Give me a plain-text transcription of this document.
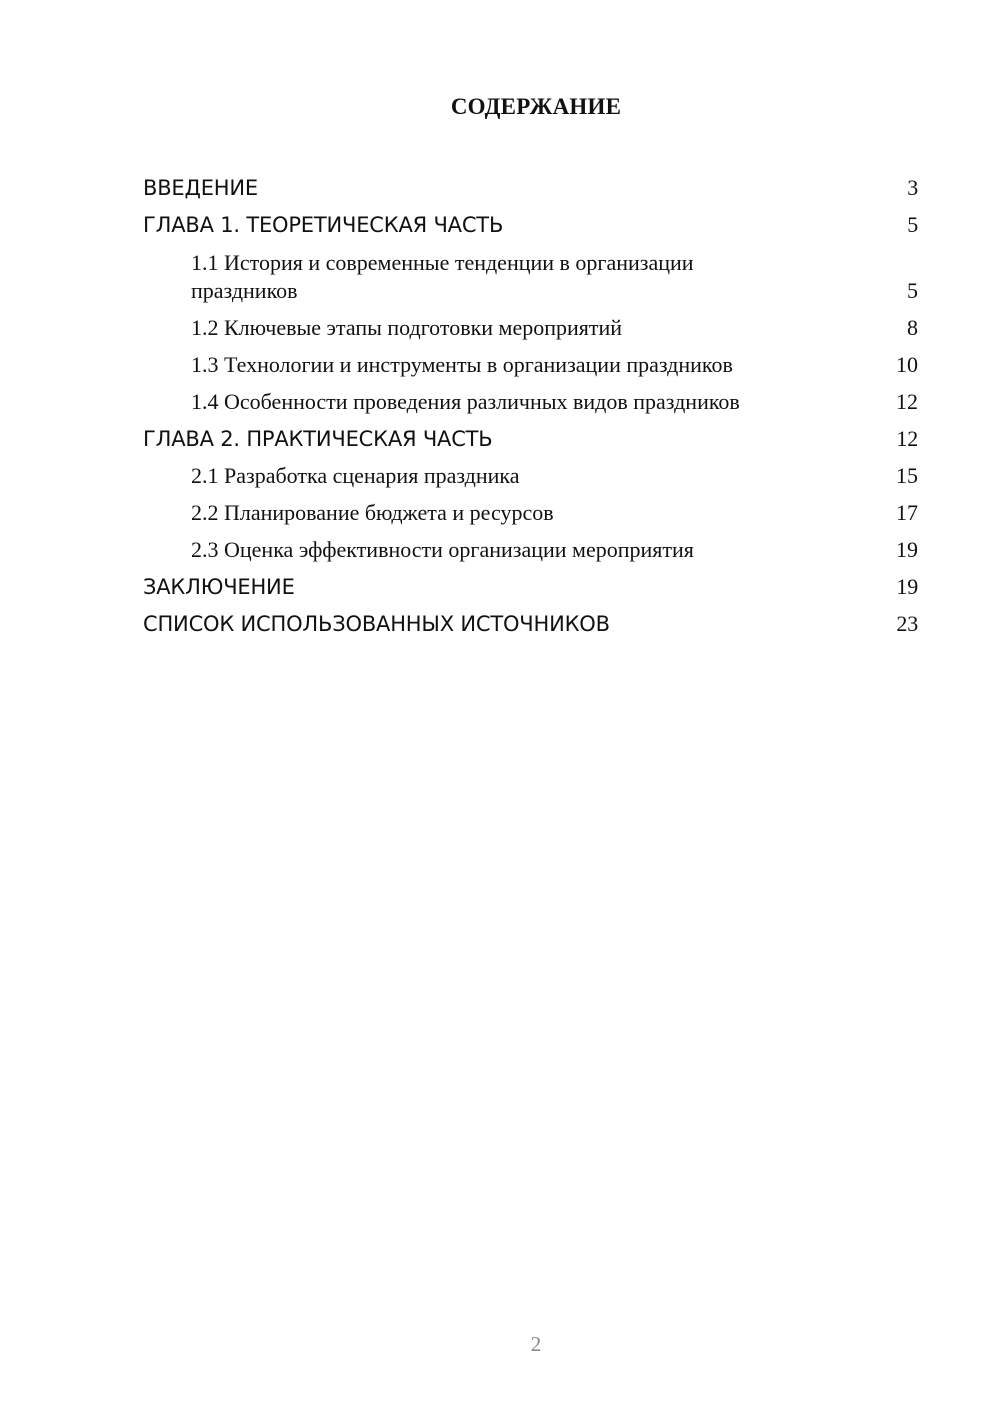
СОДЕРЖАНИЕ
ВВЕДЕНИЕ	3
ГЛАВА 1. ТЕОРЕТИЧЕСКАЯ ЧАСТЬ	5
1.1 История и современные тенденции в организации праздников	5
1.2 Ключевые этапы подготовки мероприятий	8
1.3 Технологии и инструменты в организации праздников	10
1.4 Особенности проведения различных видов праздников	12
ГЛАВА 2. ПРАКТИЧЕСКАЯ ЧАСТЬ	12
2.1 Разработка сценария праздника	15
2.2 Планирование бюджета и ресурсов	17
2.3 Оценка эффективности организации мероприятия	19
ЗАКЛЮЧЕНИЕ	19
СПИСОК ИСПОЛЬЗОВАННЫХ ИСТОЧНИКОВ	23
2
